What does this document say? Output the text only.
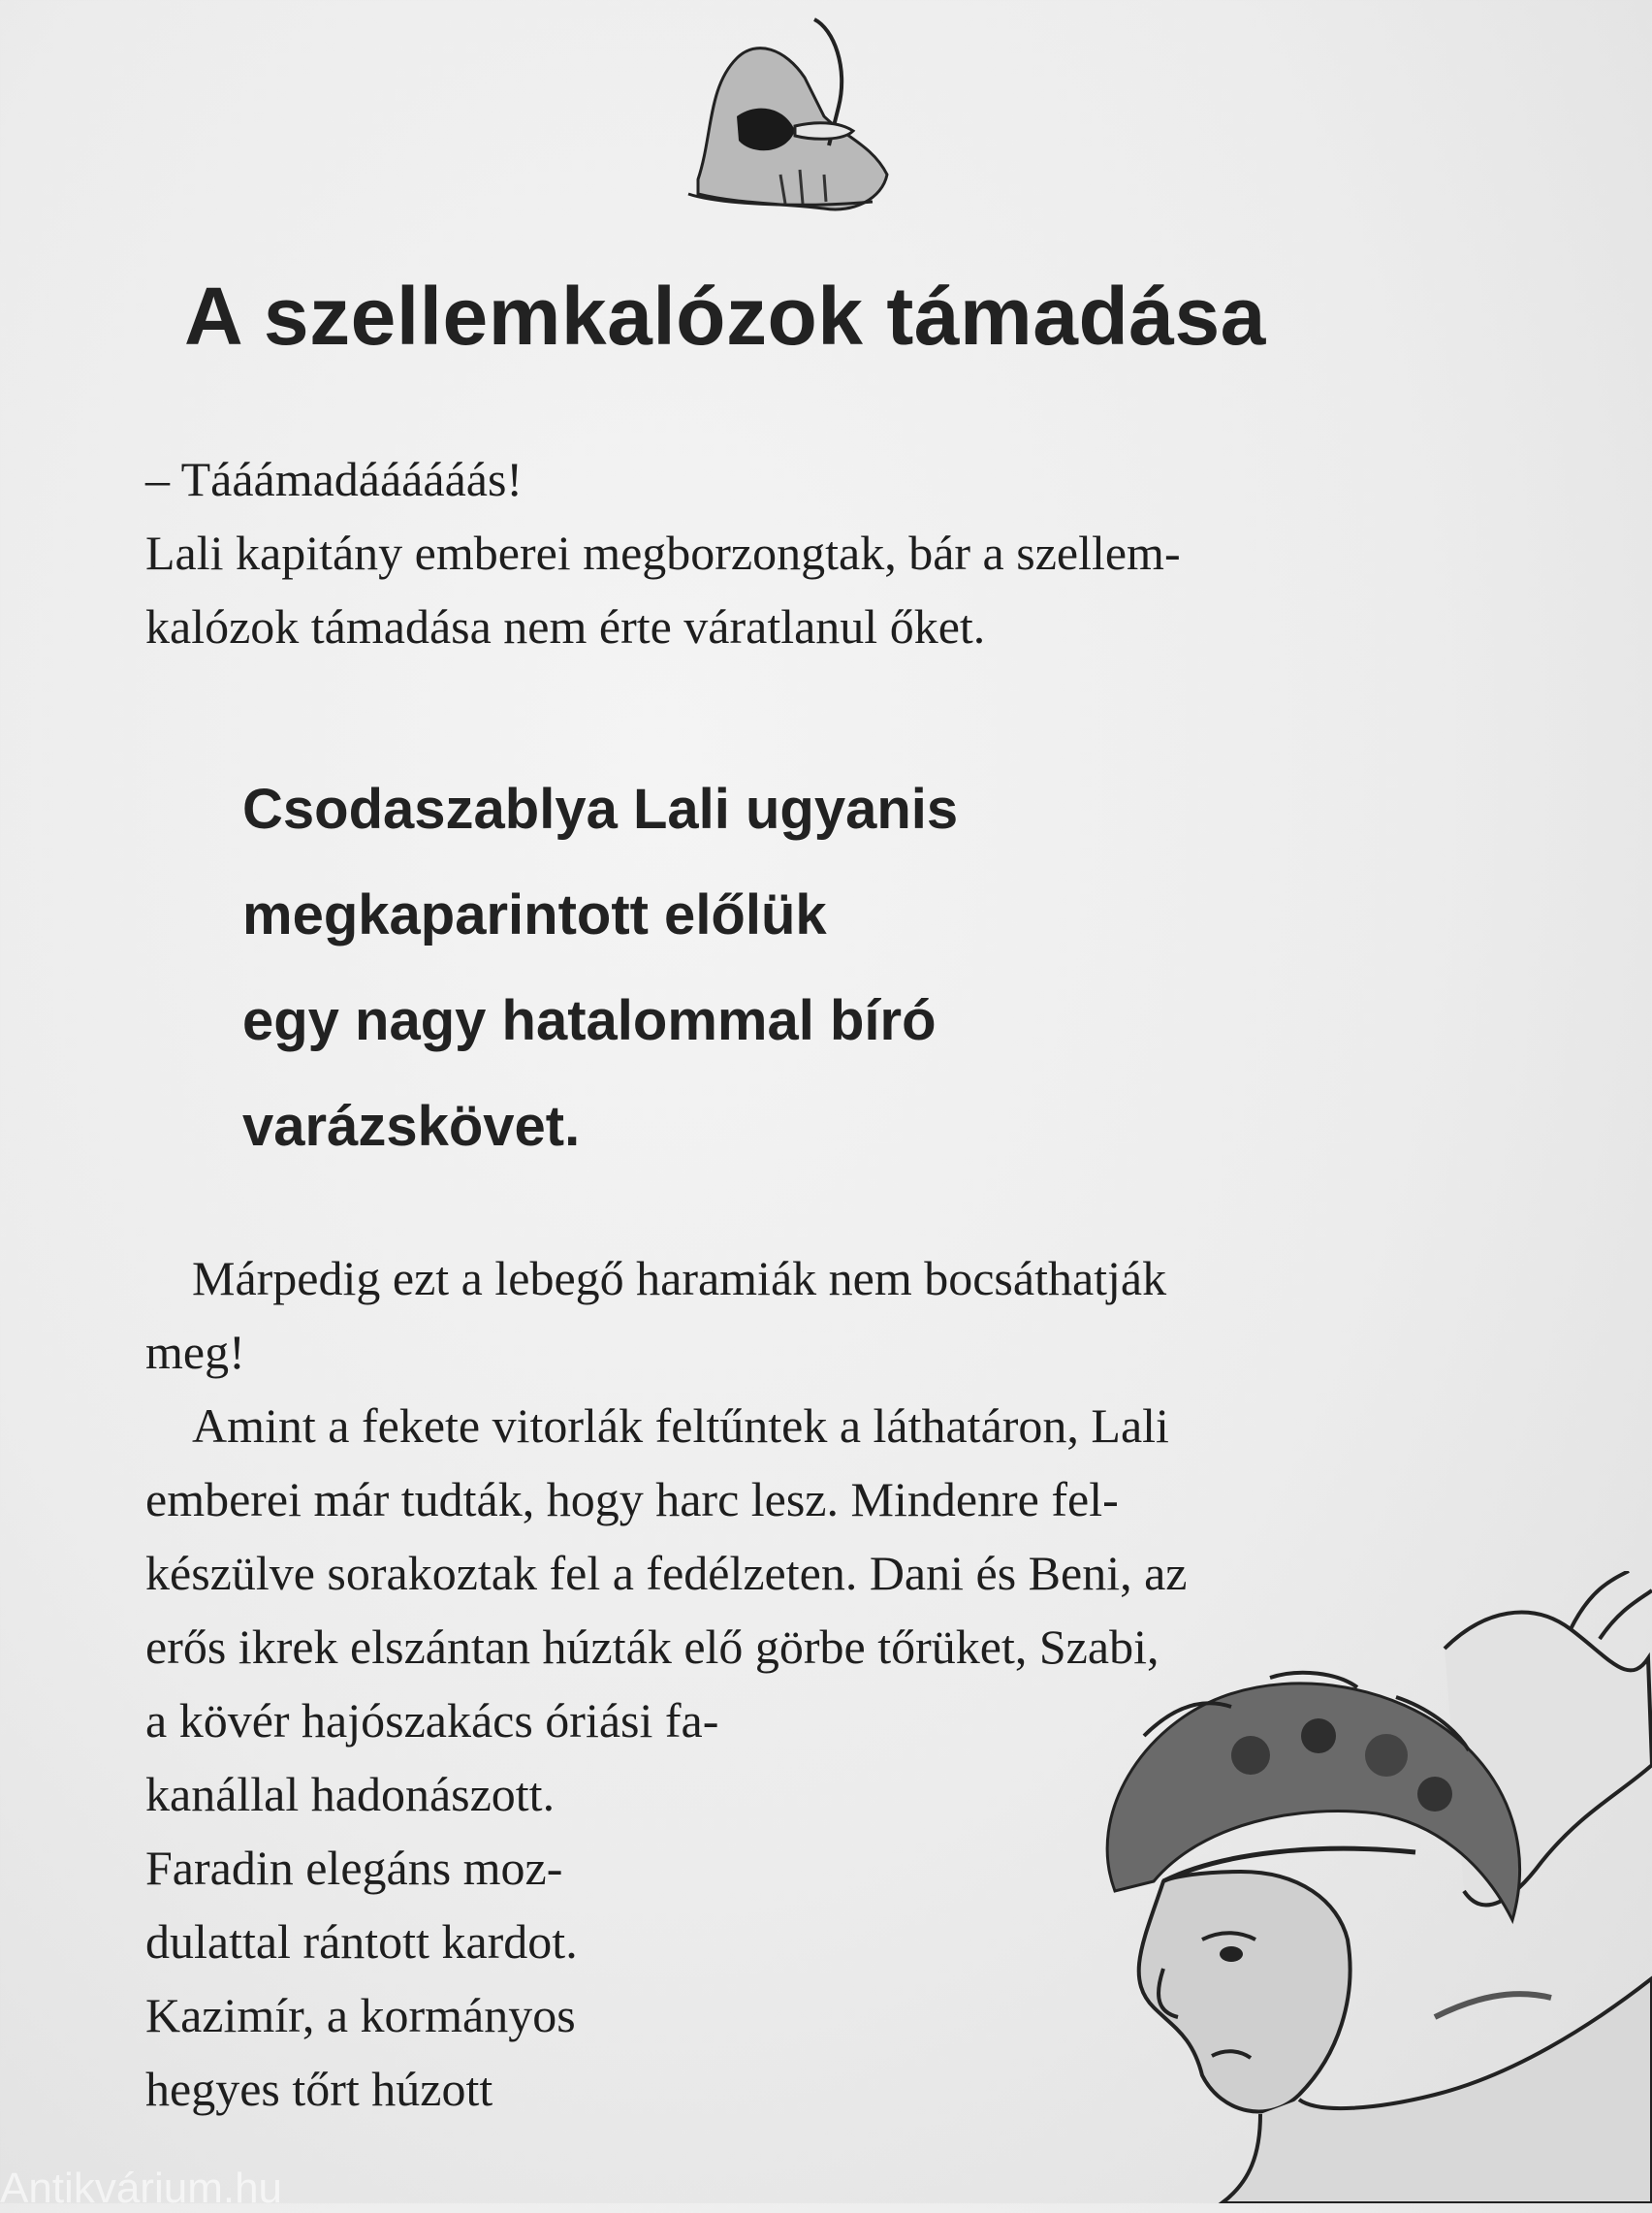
A szellemkalózok támadása

– Tááámadáááááás!

Lali kapitány emberei megborzongtak, bár a szellem-

kalózok támadása nem érte váratlanul őket.

Csodaszablya Lali ugyanis
megkaparintott előlük
egy nagy hatalommal bíró
varázskövet.
Márpedig ezt a lebegő haramiák nem bocsáthatják
meg!
Amint a fekete vitorlák feltűntek a láthatáron, Lali
emberei már tudták, hogy harc lesz. Mindenre fel-
készülve sorakoztak fel a fedélzeten. Dani és Beni, az
erős ikrek elszántan húzták elő görbe tőrüket, Szabi,
a kövér hajószakács óriási fa-
kanállal hadonászott.
Faradin elegáns moz-
dulattal rántott kardot.
Kazimír, a kormányos
hegyes tőrt húzott
Antikvárium.hu
